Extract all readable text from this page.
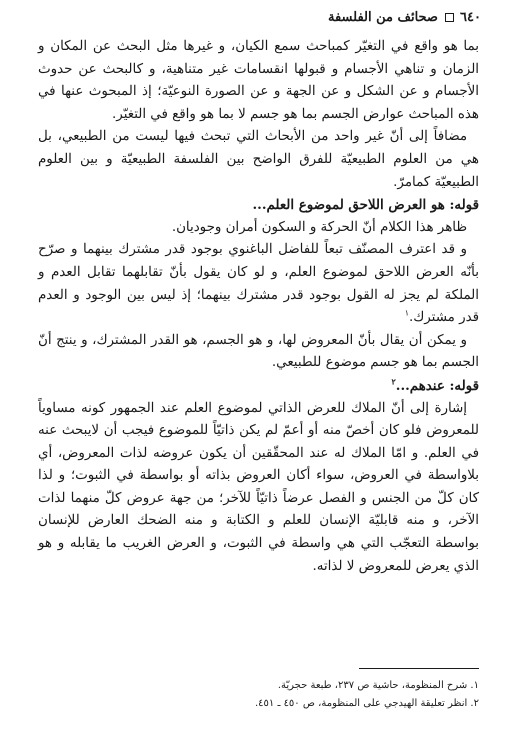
٦٤٠  صحائف من الفلسفة

بما هو واقع في التغيّر كمباحث سمع الكيان، و غيرها مثل البحث عن المكان و الزمان و تناهي الأجسام و قبولها انقسامات غير متناهية، و كالبحث عن حدوث الأجسام و عن الشكل و عن الجهة و عن الصورة النوعيّة؛ إذ المبحوث عنها في هذه المباحث عوارض الجسم بما هو جسم لا بما هو واقع في التغيّر.

مضافاً إلى أنّ غير واحد من الأبحاث التي تبحث فيها ليست من الطبيعي، بل هي من العلوم الطبيعيّة للفرق الواضح بين الفلسفة الطبيعيّة و بين العلوم الطبيعيّة كمامرّ.

قوله: هو العرض اللاحق لموضوع العلم...

ظاهر هذا الكلام أنّ الحركة و السكون أمران وجوديان.

و قد اعترف المصنّف تبعاً للفاضل الباغنوي بوجود قدر مشترك بينهما و صرّح بأنّه العرض اللاحق لموضوع العلم، و لو كان يقول بأنّ تقابلهما تقابل العدم و الملكة لم يجز له القول بوجود قدر مشترك بينهما؛ إذ ليس بين الوجود و العدم قدر مشترك.$^١$

و يمكن أن يقال بأنّ المعروض لها، و هو الجسم، هو القدر المشترك، و ينتج أنّ الجسم بما هو جسم موضوع للطبيعي.

قوله: عندهم...$^٢$

إشارة إلى أنّ الملاك للعرض الذاتي لموضوع العلم عند الجمهور كونه مساوياً للمعروض فلو كان أخصّ منه أو أعمّ لم يكن ذاتيّاً للموضوع فيجب أن لايبحث عنه في العلم. و امّا الملاك له عند المحقّقين أن يكون عروضه لذات المعروض، أي بلاواسطة في العروض، سواء أكان العروض بذاته أو بواسطة في الثبوت؛ و لذا كان كلّ من الجنس و الفصل عرضاً ذاتيّاً للآخر؛ من جهة عروض كلّ منهما لذات الآخر، و منه قابليّة الإنسان للعلم و الكتابة و منه الضحك العارض للإنسان بواسطة التعجّب التي هي واسطة في الثبوت، و العرض الغريب ما يقابله و هو الذي يعرض للمعروض لا لذاته.

١. شرح المنظومة، حاشية ص ٢٣٧، طبعة حجريّة.
٢. انظر تعليقة الهيدجي على المنظومة، ص ٤٥٠ ـ ٤٥١.
